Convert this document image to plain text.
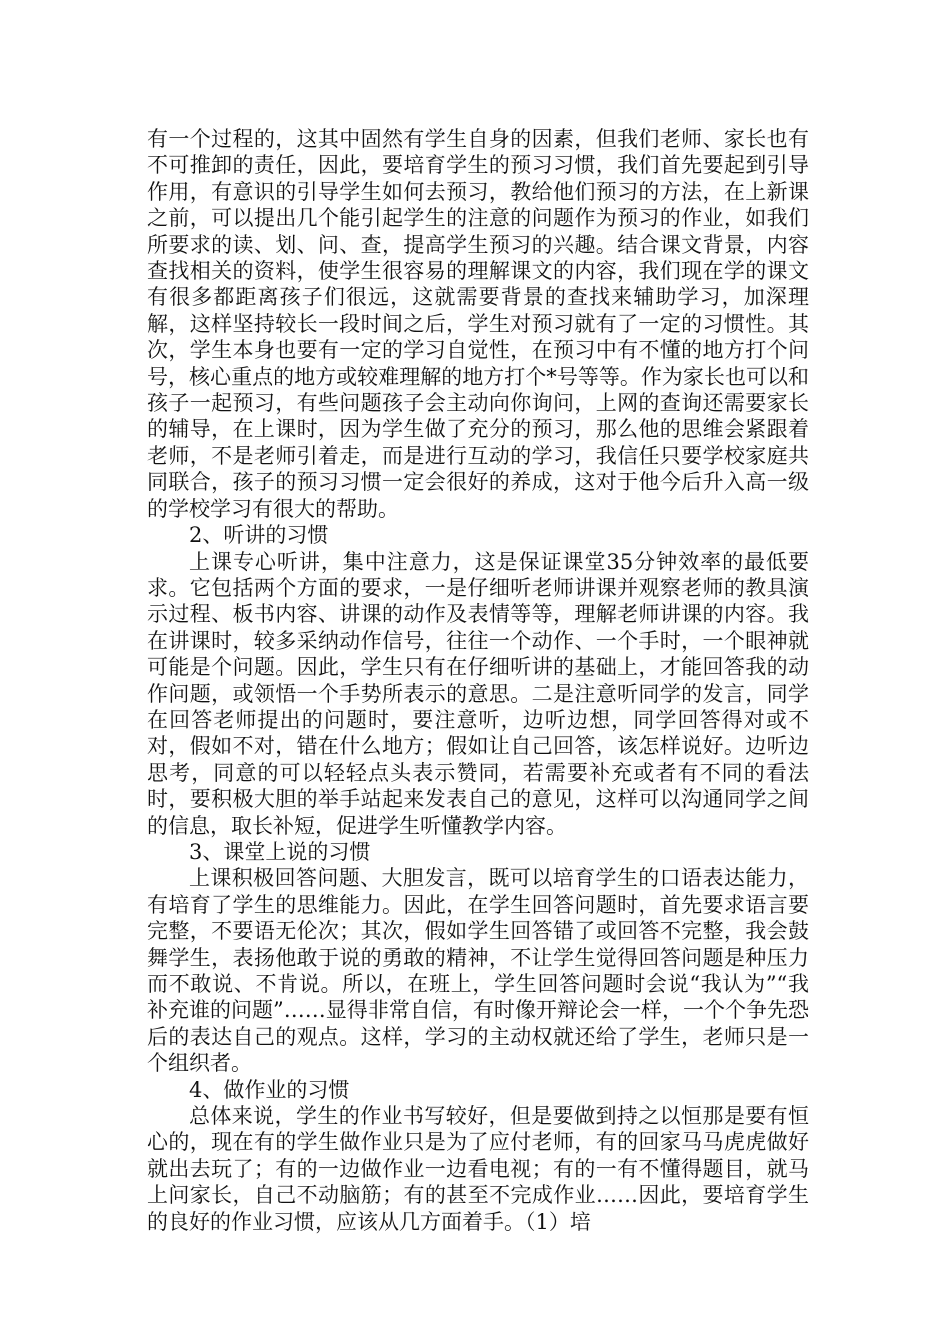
有一个过程的，这其中固然有学生自身的因素，但我们老师、家长也有不可推卸的责任，因此，要培育学生的预习习惯，我们首先要起到引导作用，有意识的引导学生如何去预习，教给他们预习的方法，在上新课之前，可以提出几个能引起学生的注意的问题作为预习的作业，如我们所要求的读、划、问、查，提高学生预习的兴趣。结合课文背景，内容查找相关的资料，使学生很容易的理解课文的内容，我们现在学的课文有很多都距离孩子们很远，这就需要背景的查找来辅助学习，加深理解，这样坚持较长一段时间之后，学生对预习就有了一定的习惯性。其次，学生本身也要有一定的学习自觉性，在预习中有不懂的地方打个问号，核心重点的地方或较难理解的地方打个*号等等。作为家长也可以和孩子一起预习，有些问题孩子会主动向你询问，上网的查询还需要家长的辅导，在上课时，因为学生做了充分的预习，那么他的思维会紧跟着老师，不是老师引着走，而是进行互动的学习，我信任只要学校家庭共同联合，孩子的预习习惯一定会很好的养成，这对于他今后升入高一级的学校学习有很大的帮助。

2、听讲的习惯

上课专心听讲，集中注意力，这是保证课堂35分钟效率的最低要求。它包括两个方面的要求，一是仔细听老师讲课并观察老师的教具演示过程、板书内容、讲课的动作及表情等等，理解老师讲课的内容。我在讲课时，较多采纳动作信号，往往一个动作、一个手时，一个眼神就可能是个问题。因此，学生只有在仔细听讲的基础上，才能回答我的动作问题，或领悟一个手势所表示的意思。二是注意听同学的发言，同学在回答老师提出的问题时，要注意听，边听边想，同学回答得对或不对，假如不对，错在什么地方；假如让自己回答，该怎样说好。边听边思考，同意的可以轻轻点头表示赞同，若需要补充或者有不同的看法时，要积极大胆的举手站起来发表自己的意见，这样可以沟通同学之间的信息，取长补短，促进学生听懂教学内容。

3、课堂上说的习惯

上课积极回答问题、大胆发言，既可以培育学生的口语表达能力，有培育了学生的思维能力。因此，在学生回答问题时，首先要求语言要完整，不要语无伦次；其次，假如学生回答错了或回答不完整，我会鼓舞学生，表扬他敢于说的勇敢的精神，不让学生觉得回答问题是种压力而不敢说、不肯说。所以，在班上，学生回答问题时会说“我认为”“我补充谁的问题”……显得非常自信，有时像开辩论会一样，一个个争先恐后的表达自己的观点。这样，学习的主动权就还给了学生，老师只是一个组织者。

4、做作业的习惯

总体来说，学生的作业书写较好，但是要做到持之以恒那是要有恒心的，现在有的学生做作业只是为了应付老师，有的回家马马虎虎做好就出去玩了；有的一边做作业一边看电视；有的一有不懂得题目，就马上问家长，自己不动脑筋；有的甚至不完成作业……因此，要培育学生的良好的作业习惯，应该从几方面着手。（1）培
